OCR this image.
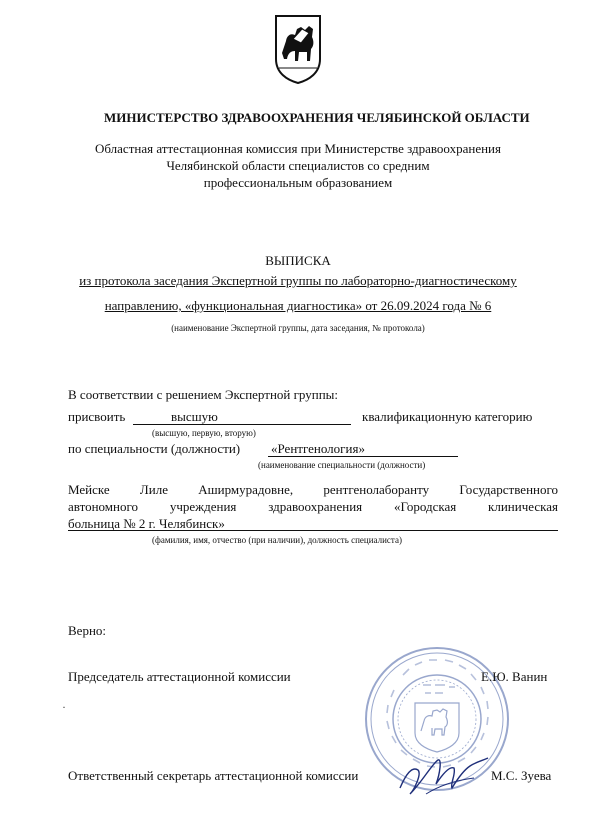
МИНИСТЕРСТВО ЗДРАВООХРАНЕНИЯ ЧЕЛЯБИНСКОЙ ОБЛАСТИ
Областная аттестационная комиссия при Министерстве здравоохранения
Челябинской области специалистов со средним
профессиональным образованием
ВЫПИСКА
из протокола заседания Экспертной группы по лабораторно-диагностическому
направлению, «функциональная диагностика» от 26.09.2024 года № 6
(наименование Экспертной группы, дата заседания, № протокола)
В соответствии с решением Экспертной группы:
присвоить	высшую	квалификационную категорию
(высшую, первую, вторую)
по специальности (должности) «Рентгенология»
(наименование специальности (должности)
Мейске Лиле Аширмурадовне, рентгенолаборанту Государственного
автономного учреждения здравоохранения «Городская клиническая
больница № 2 г. Челябинск»
(фамилия, имя, отчество (при наличии), должность специалиста)
Верно:
Председатель аттестационной комиссии	Е.Ю. Ванин
·
Ответственный секретарь аттестационной комиссии	М.С. Зуева
